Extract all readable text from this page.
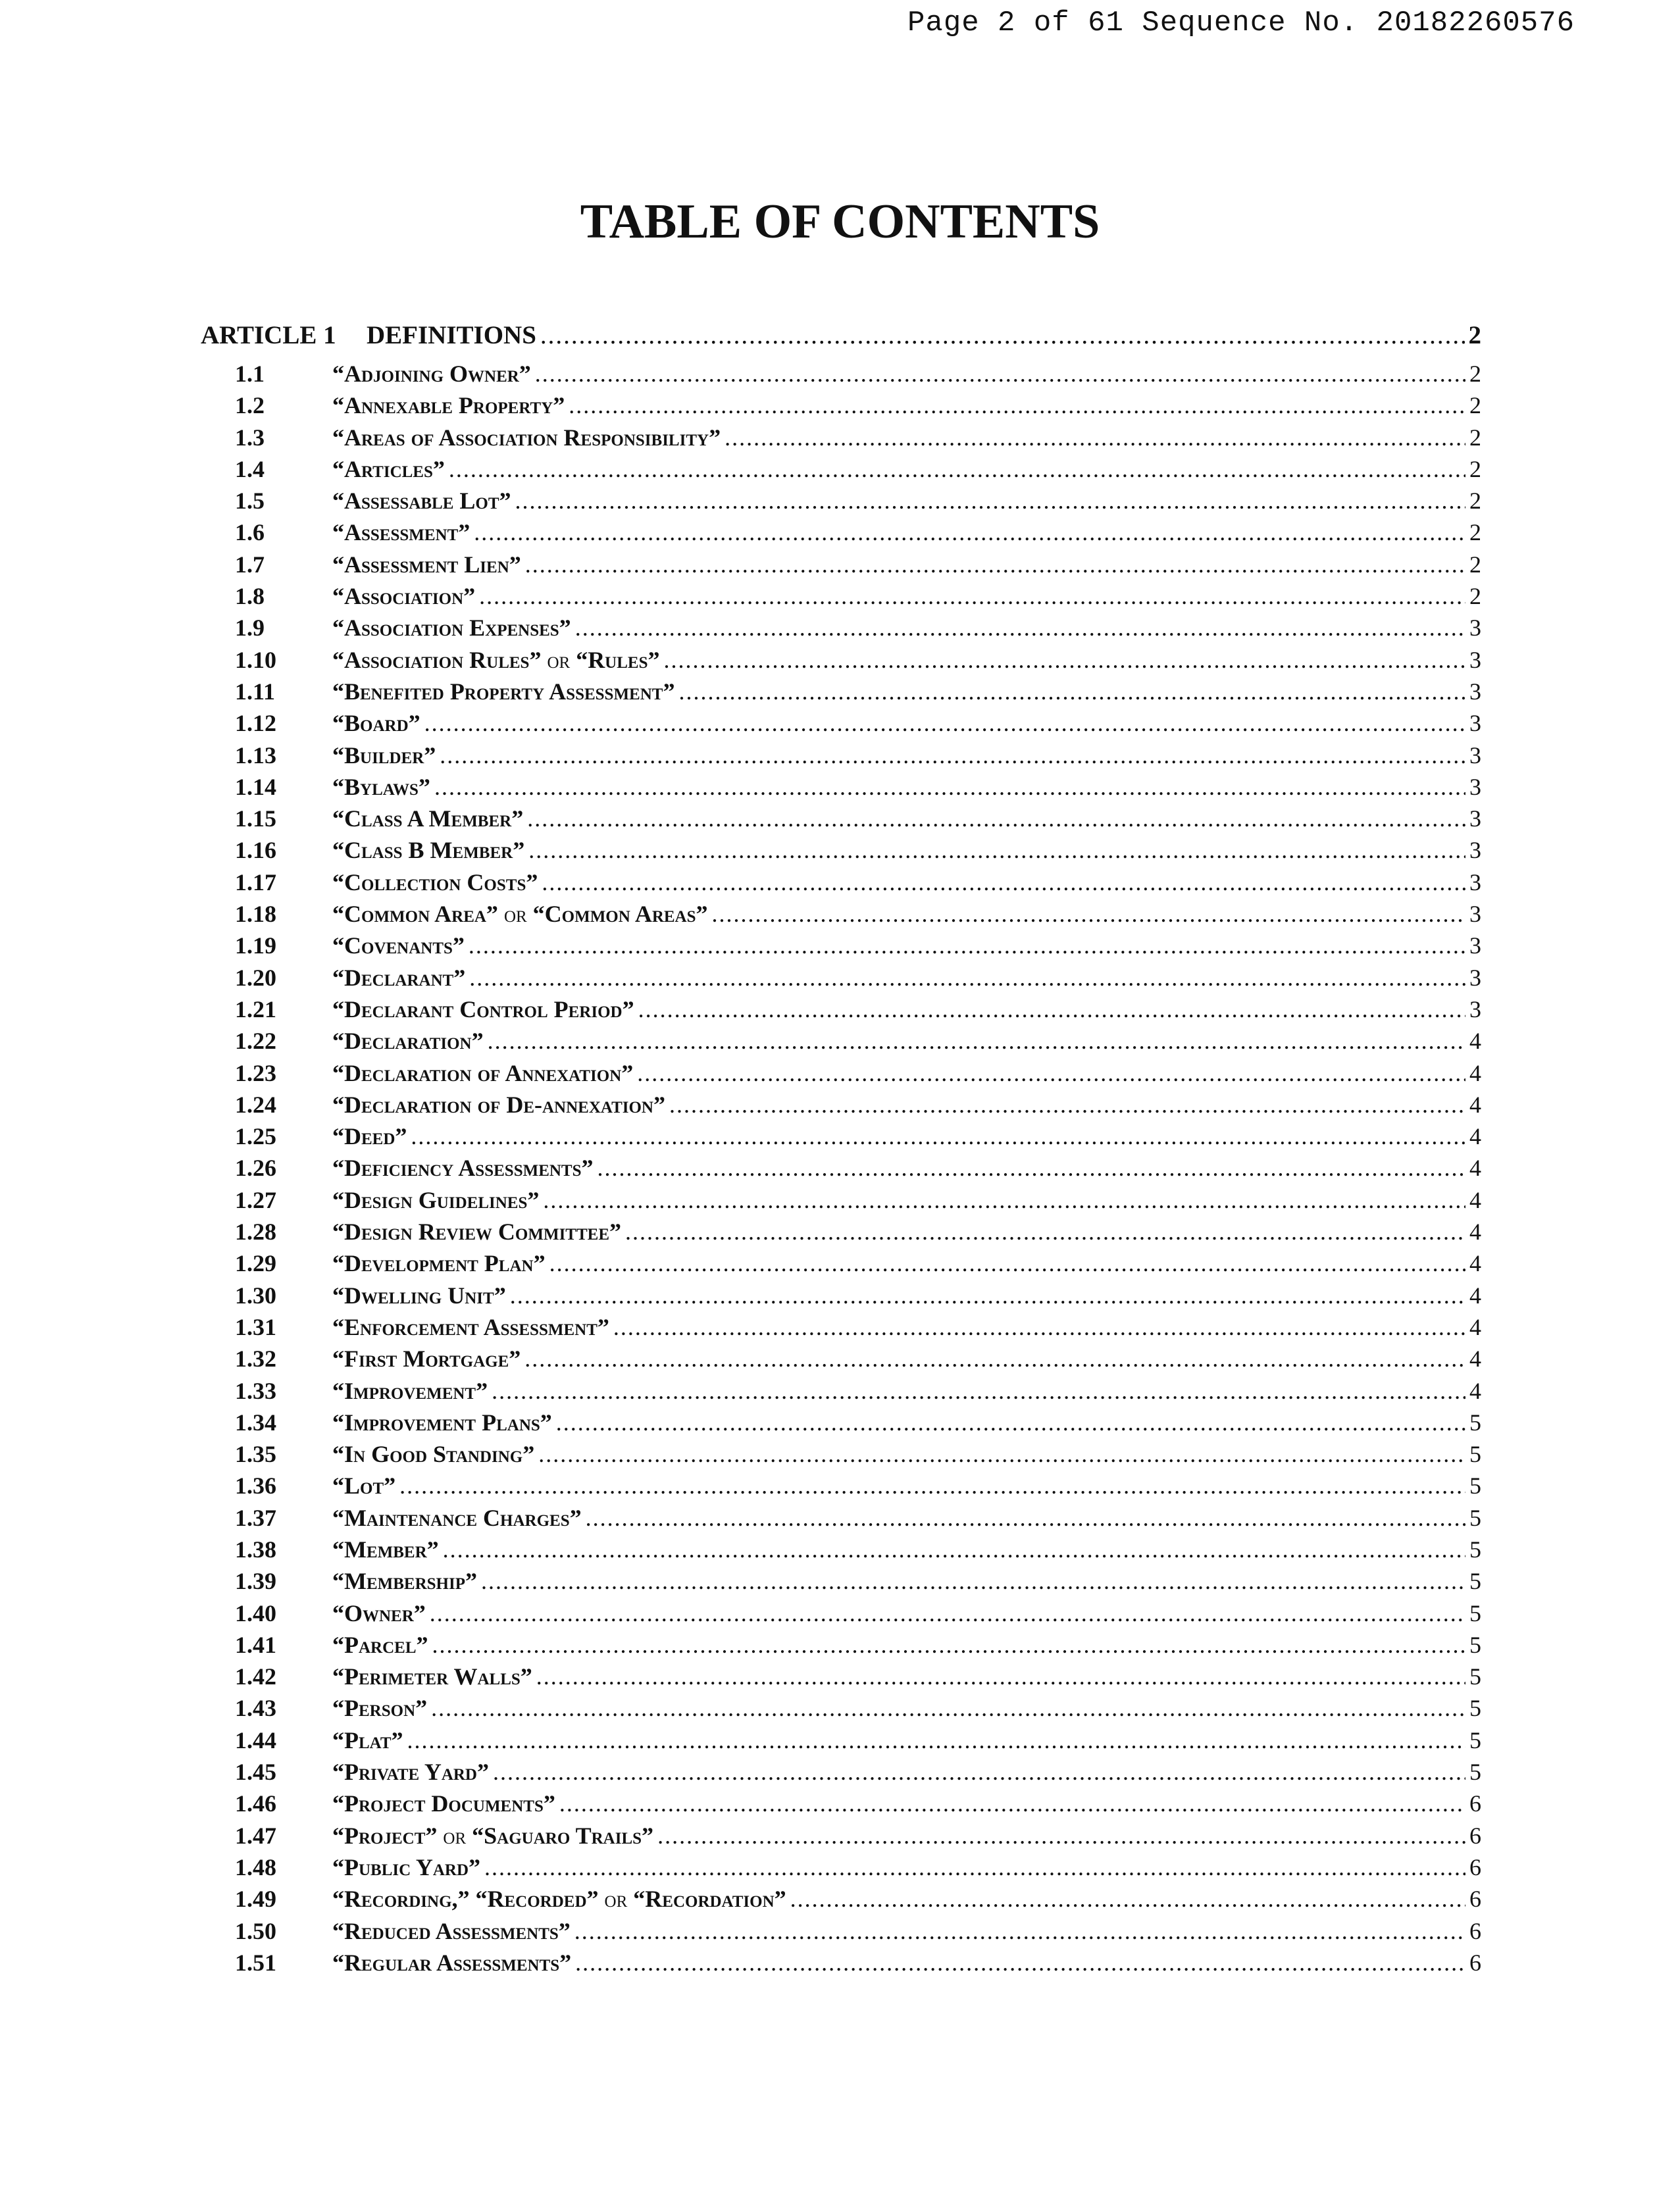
Page 2 of 61 Sequence No. 20182260576
TABLE OF CONTENTS
ARTICLE 1	DEFINITIONS .....	2
1.1	“Adjoining Owner” .....	2
1.2	“Annexable Property” .....	2
1.3	“Areas of Association Responsibility” .....	2
1.4	“Articles” .....	2
1.5	“Assessable Lot” .....	2
1.6	“Assessment” .....	2
1.7	“Assessment Lien” .....	2
1.8	“Association” .....	2
1.9	“Association Expenses” .....	3
1.10	“Association Rules” or “Rules” .....	3
1.11	“Benefited Property Assessment” .....	3
1.12	“Board” .....	3
1.13	“Builder” .....	3
1.14	“Bylaws” .....	3
1.15	“Class A Member” .....	3
1.16	“Class B Member” .....	3
1.17	“Collection Costs” .....	3
1.18	“Common Area” or “Common Areas” .....	3
1.19	“Covenants” .....	3
1.20	“Declarant” .....	3
1.21	“Declarant Control Period” .....	3
1.22	“Declaration” .....	4
1.23	“Declaration of Annexation” .....	4
1.24	“Declaration of De-annexation” .....	4
1.25	“Deed” .....	4
1.26	“Deficiency Assessments” .....	4
1.27	“Design Guidelines” .....	4
1.28	“Design Review Committee” .....	4
1.29	“Development Plan” .....	4
1.30	“Dwelling Unit” .....	4
1.31	“Enforcement Assessment” .....	4
1.32	“First Mortgage” .....	4
1.33	“Improvement” .....	4
1.34	“Improvement Plans” .....	5
1.35	“In Good Standing” .....	5
1.36	“Lot” .....	5
1.37	“Maintenance Charges” .....	5
1.38	“Member” .....	5
1.39	“Membership” .....	5
1.40	“Owner” .....	5
1.41	“Parcel” .....	5
1.42	“Perimeter Walls” .....	5
1.43	“Person” .....	5
1.44	“Plat” .....	5
1.45	“Private Yard” .....	5
1.46	“Project Documents” .....	6
1.47	“Project” or “Saguaro Trails” .....	6
1.48	“Public Yard” .....	6
1.49	“Recording,” “Recorded” or “Recordation” .....	6
1.50	“Reduced Assessments” .....	6
1.51	“Regular Assessments” .....	6
